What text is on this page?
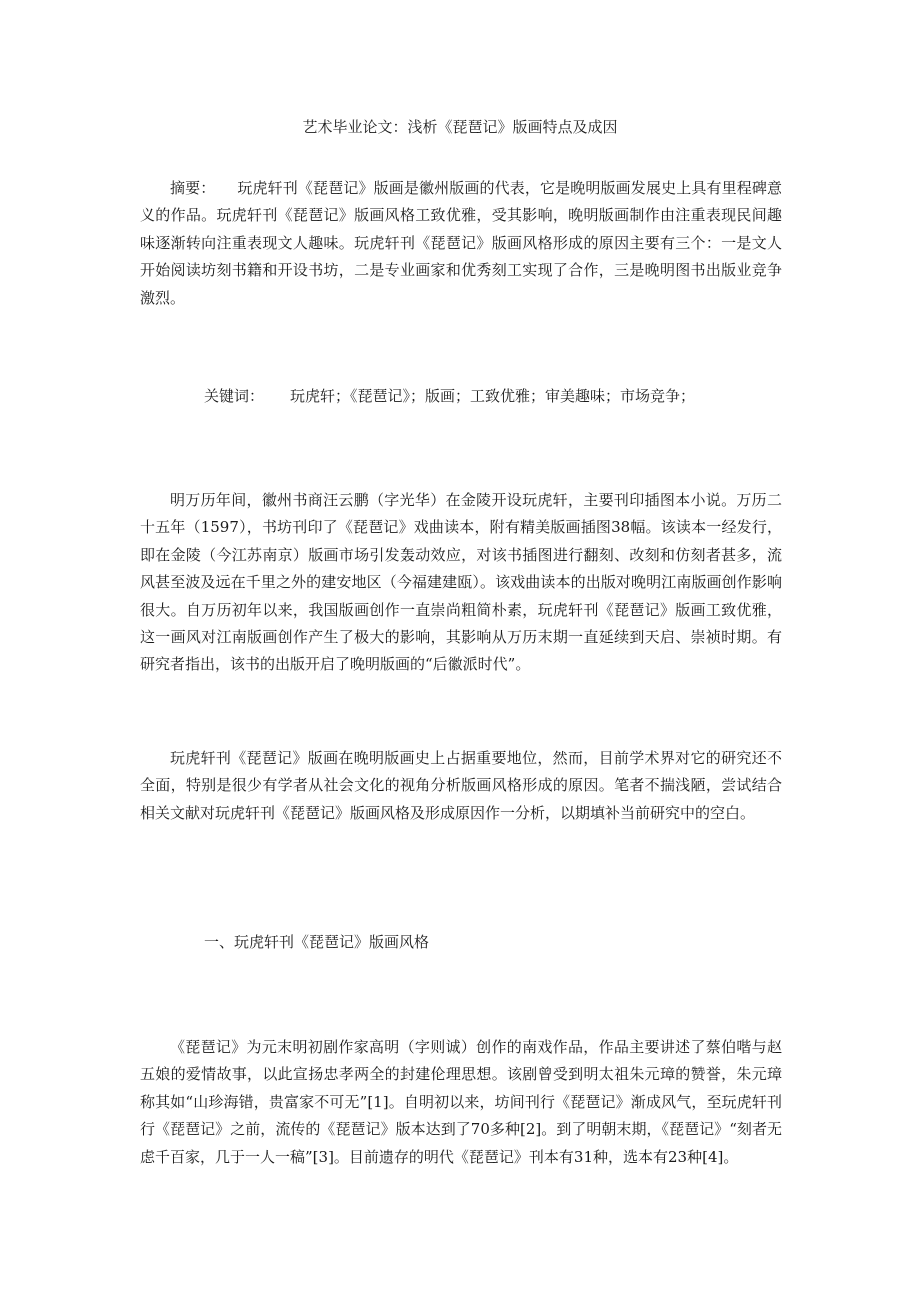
艺术毕业论文：浅析《琵琶记》版画特点及成因

摘要： 玩虎轩刊《琵琶记》版画是徽州版画的代表，它是晚明版画发展史上具有里程碑意义的作品。玩虎轩刊《琵琶记》版画风格工致优雅，受其影响，晚明版画制作由注重表现民间趣味逐渐转向注重表现文人趣味。玩虎轩刊《琵琶记》版画风格形成的原因主要有三个：一是文人开始阅读坊刻书籍和开设书坊，二是专业画家和优秀刻工实现了合作，三是晚明图书出版业竞争激烈。

关键词： 玩虎轩；《琵琶记》；版画；工致优雅；审美趣味；市场竞争；

明万历年间，徽州书商汪云鹏（字光华）在金陵开设玩虎轩，主要刊印插图本小说。万历二十五年（1597），书坊刊印了《琵琶记》戏曲读本，附有精美版画插图38幅。该读本一经发行，即在金陵（今江苏南京）版画市场引发轰动效应，对该书插图进行翻刻、改刻和仿刻者甚多，流风甚至波及远在千里之外的建安地区（今福建建瓯）。该戏曲读本的出版对晚明江南版画创作影响很大。自万历初年以来，我国版画创作一直崇尚粗简朴素，玩虎轩刊《琵琶记》版画工致优雅，这一画风对江南版画创作产生了极大的影响，其影响从万历末期一直延续到天启、崇祯时期。有研究者指出，该书的出版开启了晚明版画的“后徽派时代”。

玩虎轩刊《琵琶记》版画在晚明版画史上占据重要地位，然而，目前学术界对它的研究还不全面，特别是很少有学者从社会文化的视角分析版画风格形成的原因。笔者不揣浅陋，尝试结合相关文献对玩虎轩刊《琵琶记》版画风格及形成原因作一分析，以期填补当前研究中的空白。

一、玩虎轩刊《琵琶记》版画风格

《琵琶记》为元末明初剧作家高明（字则诚）创作的南戏作品，作品主要讲述了蔡伯喈与赵五娘的爱情故事，以此宣扬忠孝两全的封建伦理思想。该剧曾受到明太祖朱元璋的赞誉，朱元璋称其如“山珍海错，贵富家不可无”[1]。自明初以来，坊间刊行《琵琶记》渐成风气，至玩虎轩刊行《琵琶记》之前，流传的《琵琶记》版本达到了70多种[2]。到了明朝末期，《琵琶记》“刻者无虑千百家，几于一人一稿”[3]。目前遗存的明代《琵琶记》刊本有31种，选本有23种[4]。
